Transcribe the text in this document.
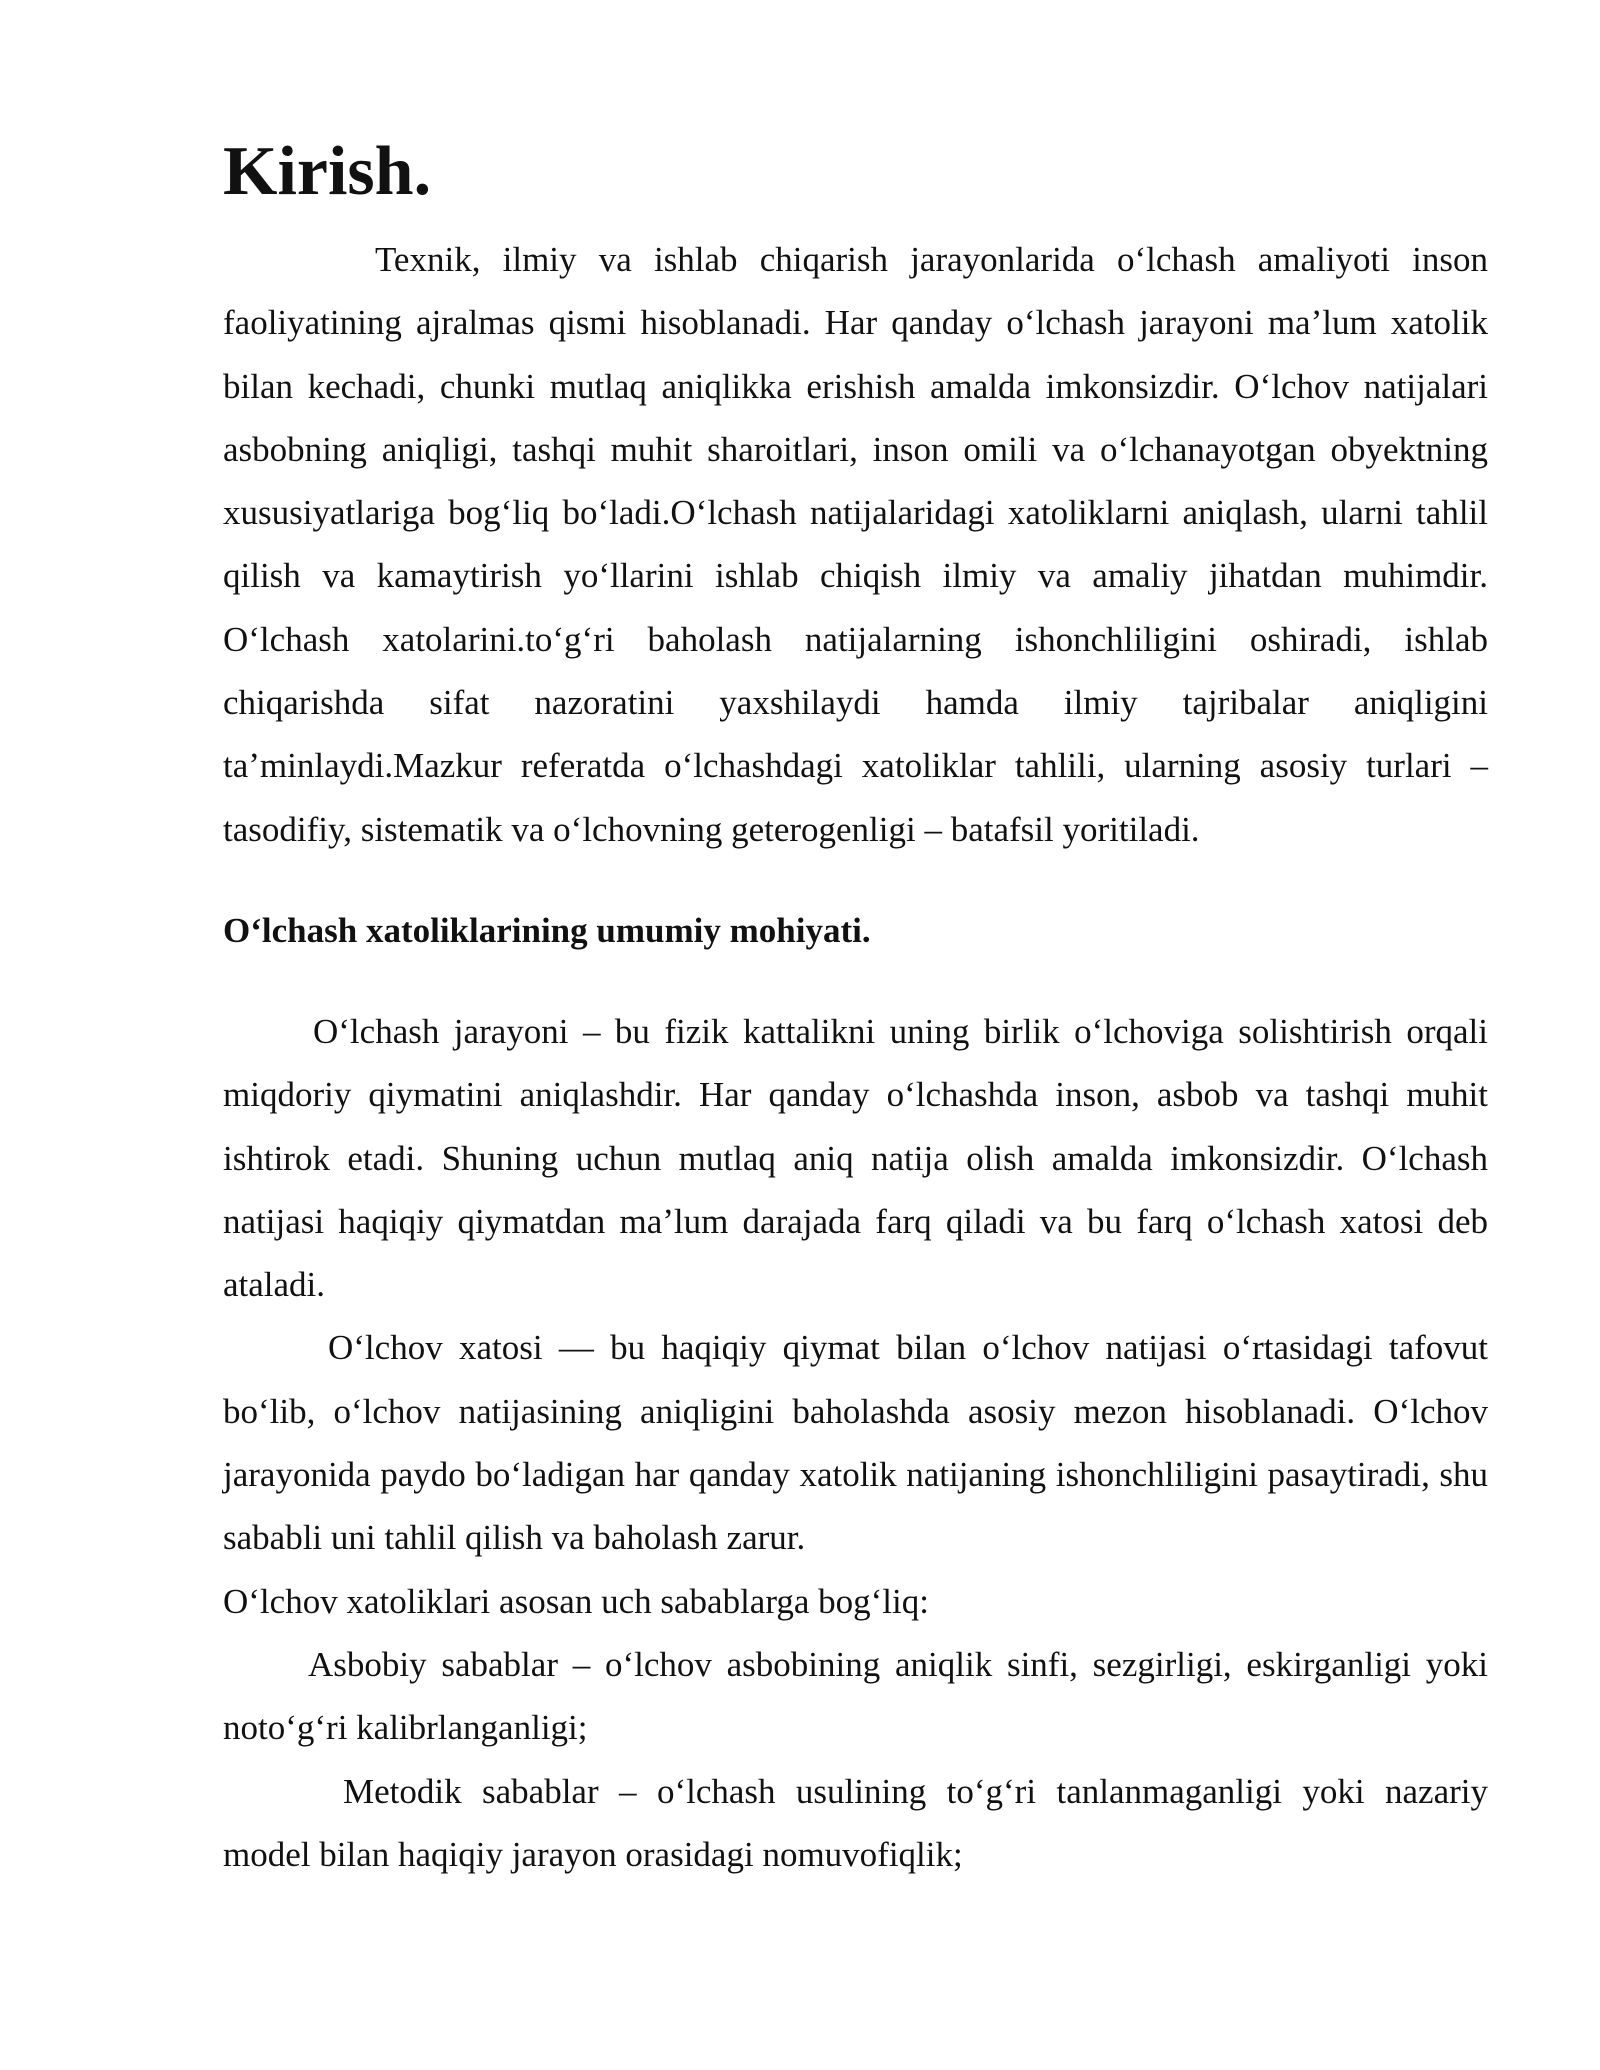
Kirish.

Texnik, ilmiy va ishlab chiqarish jarayonlarida oʻlchash amaliyoti inson faoliyatining ajralmas qismi hisoblanadi. Har qanday oʻlchash jarayoni maʼlum xatolik bilan kechadi, chunki mutlaq aniqlikka erishish amalda imkonsizdir. Oʻlchov natijalari asbobning aniqligi, tashqi muhit sharoitlari, inson omili va oʻlchanayotgan obyektning xususiyatlariga bogʻliq boʻladi.Oʻlchash natijalaridagi xatoliklarni aniqlash, ularni tahlil qilish va kamaytirish yoʻllarini ishlab chiqish ilmiy va amaliy jihatdan muhimdir. Oʻlchash xatolarini.toʻgʻri baholash natijalarning ishonchliligini oshiradi, ishlab chiqarishda sifat nazoratini yaxshilaydi hamda ilmiy tajribalar aniqligini taʼminlaydi.Mazkur referatda oʻlchashdagi xatoliklar tahlili, ularning asosiy turlari – tasodifiy, sistematik va oʻlchovning geterogenligi – batafsil yoritiladi.

Oʻlchash xatoliklarining umumiy mohiyati.
Oʻlchash jarayoni – bu fizik kattalikni uning birlik oʻlchoviga solishtirish orqali miqdoriy qiymatini aniqlashdir. Har qanday oʻlchashda inson, asbob va tashqi muhit ishtirok etadi. Shuning uchun mutlaq aniq natija olish amalda imkonsizdir. Oʻlchash natijasi haqiqiy qiymatdan maʼlum darajada farq qiladi va bu farq oʻlchash xatosi deb ataladi.
Oʻlchov xatosi — bu haqiqiy qiymat bilan oʻlchov natijasi oʻrtasidagi tafovut boʻlib, oʻlchov natijasining aniqligini baholashda asosiy mezon hisoblanadi. Oʻlchov jarayonida paydo boʻladigan har qanday xatolik natijaning ishonchliligini pasaytiradi, shu sababli uni tahlil qilish va baholash zarur.
Oʻlchov xatoliklari asosan uch sabablarga bogʻliq:
Asbobiy sabablar – oʻlchov asbobining aniqlik sinfi, sezgirligi, eskirganligi yoki notoʻgʻri kalibrlanganligi;
Metodik sabablar – oʻlchash usulining toʻgʻri tanlanmaganligi yoki nazariy model bilan haqiqiy jarayon orasidagi nomuvofiqlik;
